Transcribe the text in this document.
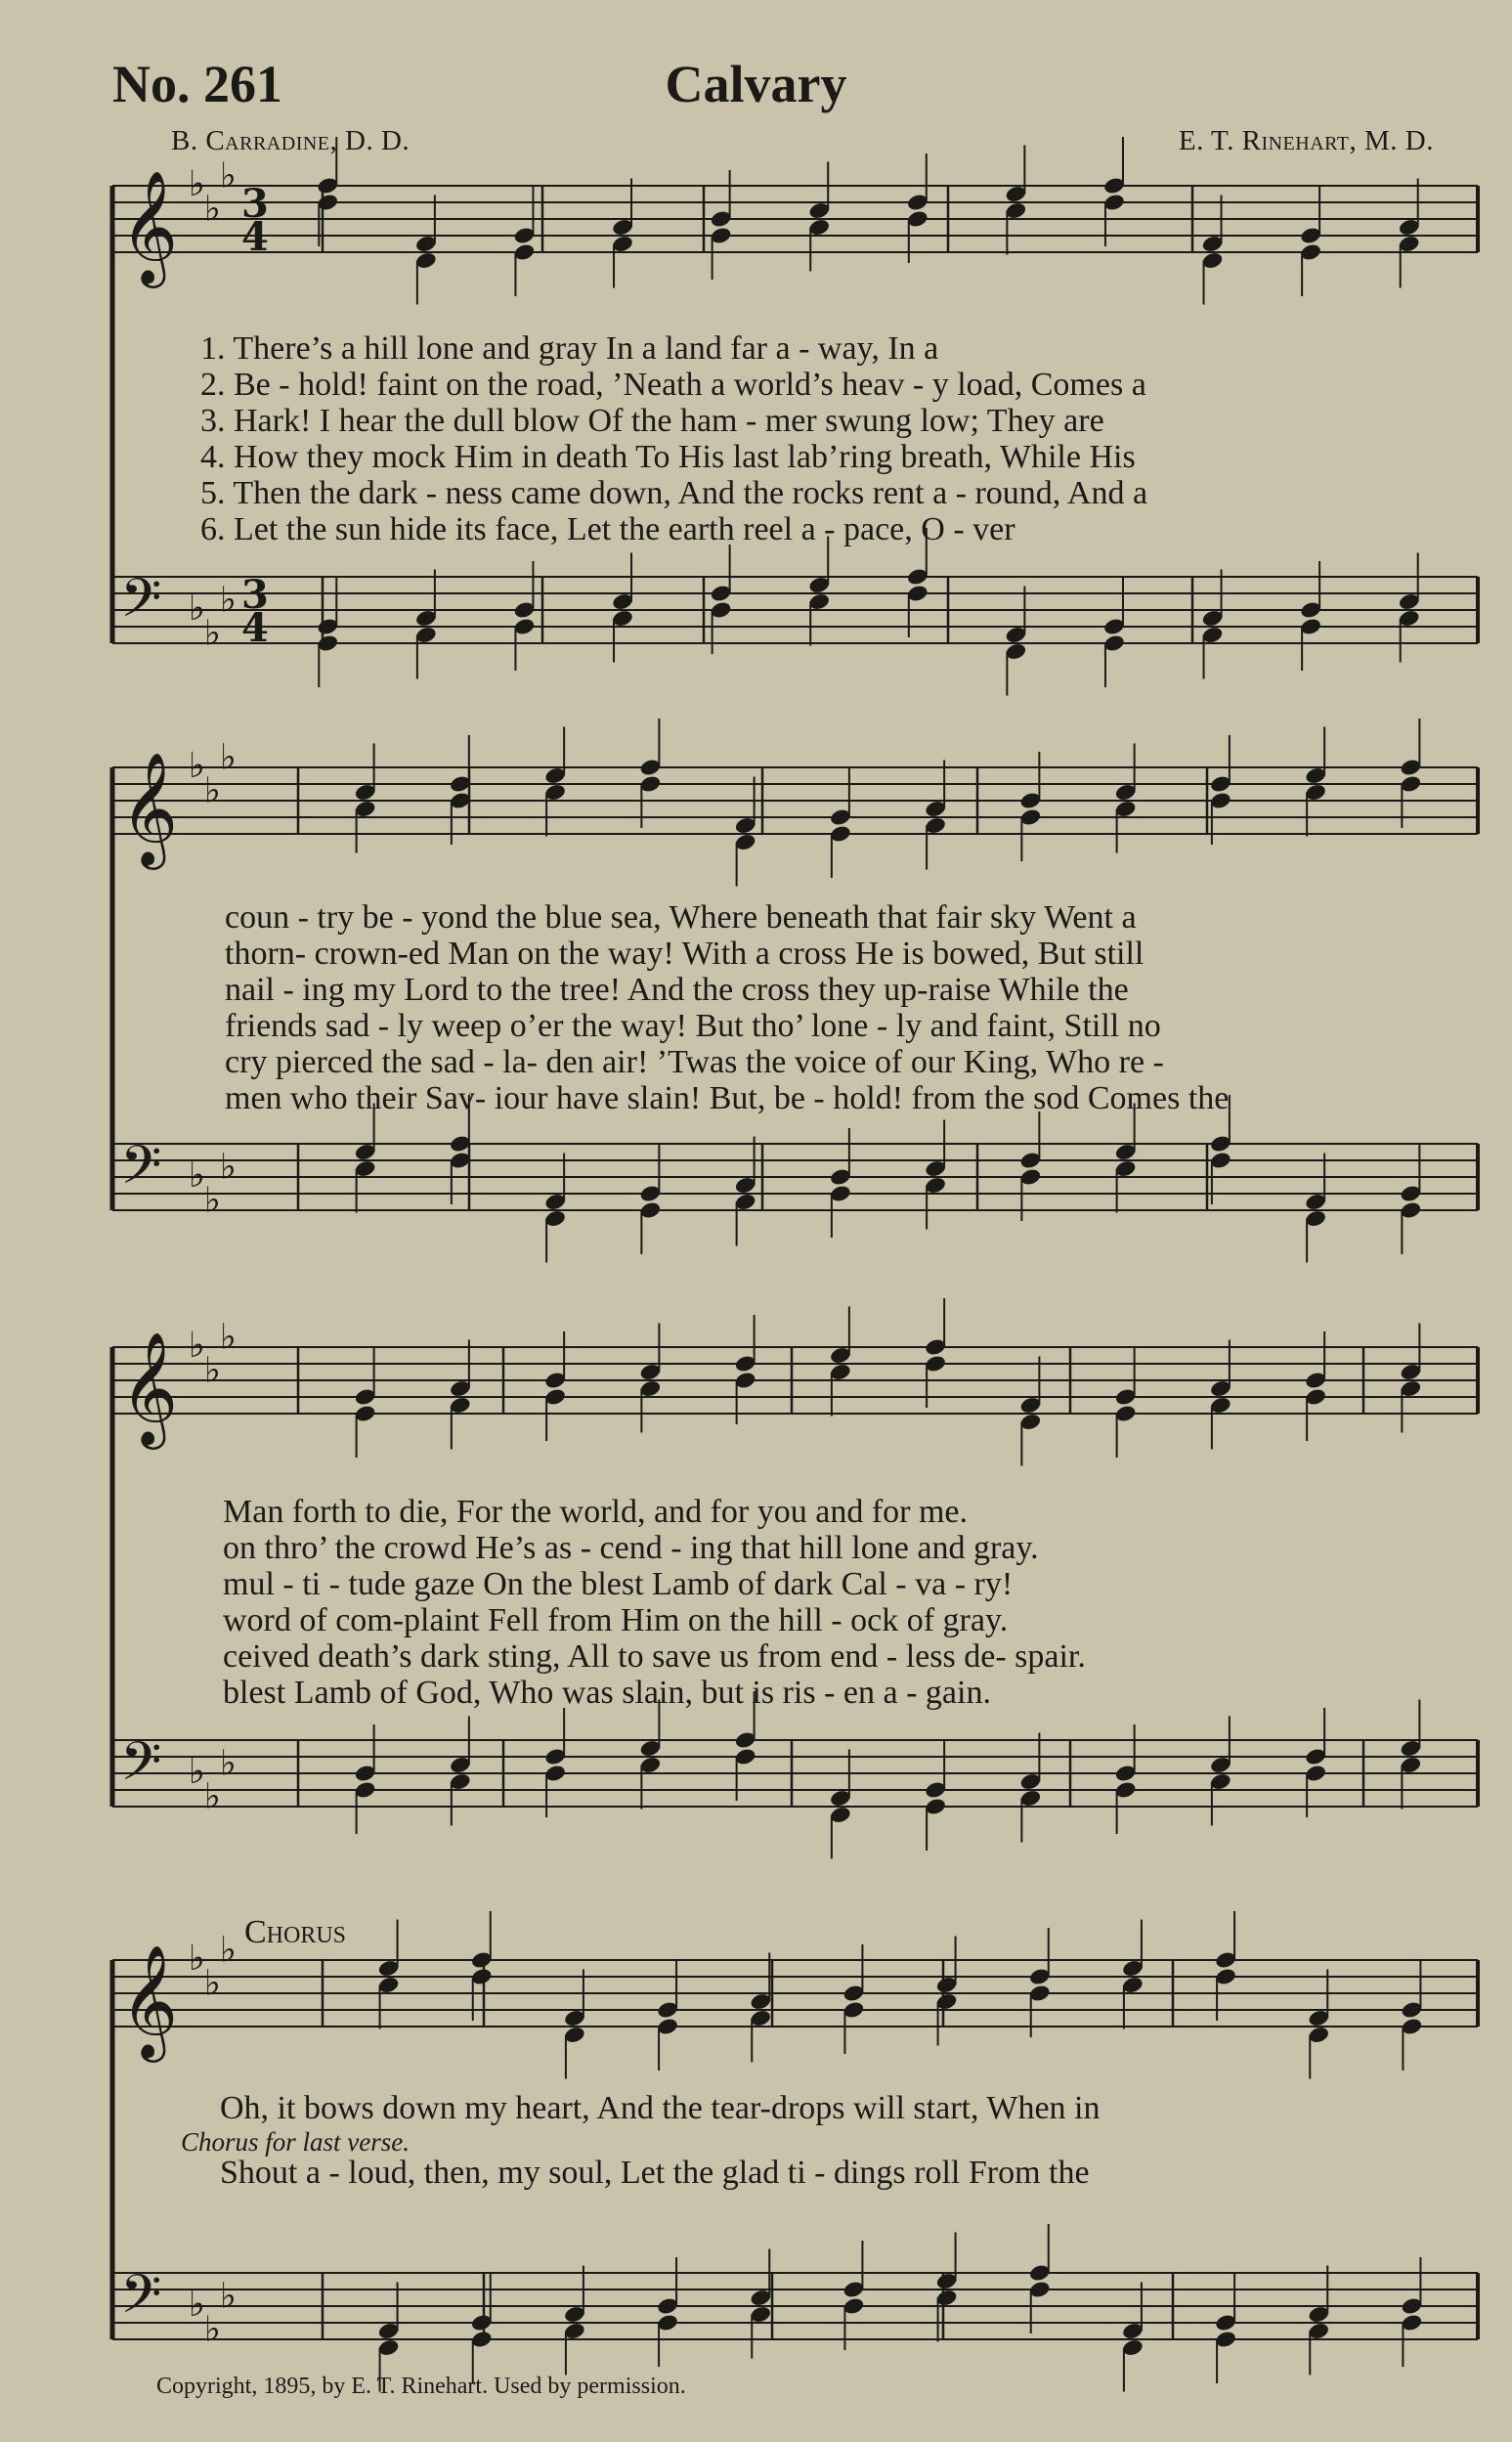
No. 261	Calvary
B. Carradine, D. D.	E. T. Rinehart, M. D.
1. There’s a hill lone and gray In a land far a - way, In a
2. Be - hold! faint on the road, ’Neath a world’s heav - y load, Comes a
3. Hark! I hear the dull blow Of the ham - mer swung low; They are
4. How they mock Him in death To His last lab’ring breath, While His
5. Then the dark - ness came down, And the rocks rent a - round, And a
6. Let the sun hide its face, Let the earth reel a - pace, O - ver
coun - try be - yond the blue sea, Where beneath that fair sky Went a
thorn- crown-ed Man on the way! With a cross He is bowed, But still
nail - ing my Lord to the tree! And the cross they up-raise While the
friends sad - ly weep o’er the way! But tho’ lone - ly and faint, Still no
cry pierced the sad - la- den air! ’Twas the voice of our King, Who re -
men who their Sav- iour have slain! But, be - hold! from the sod Comes the
Man forth to die, For the world, and for you and for me.
on thro’ the crowd He’s as - cend - ing that hill lone and gray.
mul - ti - tude gaze On the blest Lamb of dark Cal - va - ry!
word of com-plaint Fell from Him on the hill - ock of gray.
ceived death’s dark sting, All to save us from end - less de- spair.
blest Lamb of God, Who was slain, but is ris - en a - gain.
Chorus
Oh, it bows down my heart, And the tear-drops will start, When in
Shout a - loud, then, my soul, Let the glad ti - dings roll From the
Chorus for last verse.
Copyright, 1895, by E. T. Rinehart. Used by permission.
𝄞 ♭
♭
♭
3
4
𝄢 ♭
♭
♭ 3
4
𝄞 ♭
♭
♭
𝄢 ♭
♭
♭
𝄞 ♭
♭
♭
𝄢 ♭
♭
♭
𝄞 ♭
♭
♭
𝄢 ♭
♭
♭
